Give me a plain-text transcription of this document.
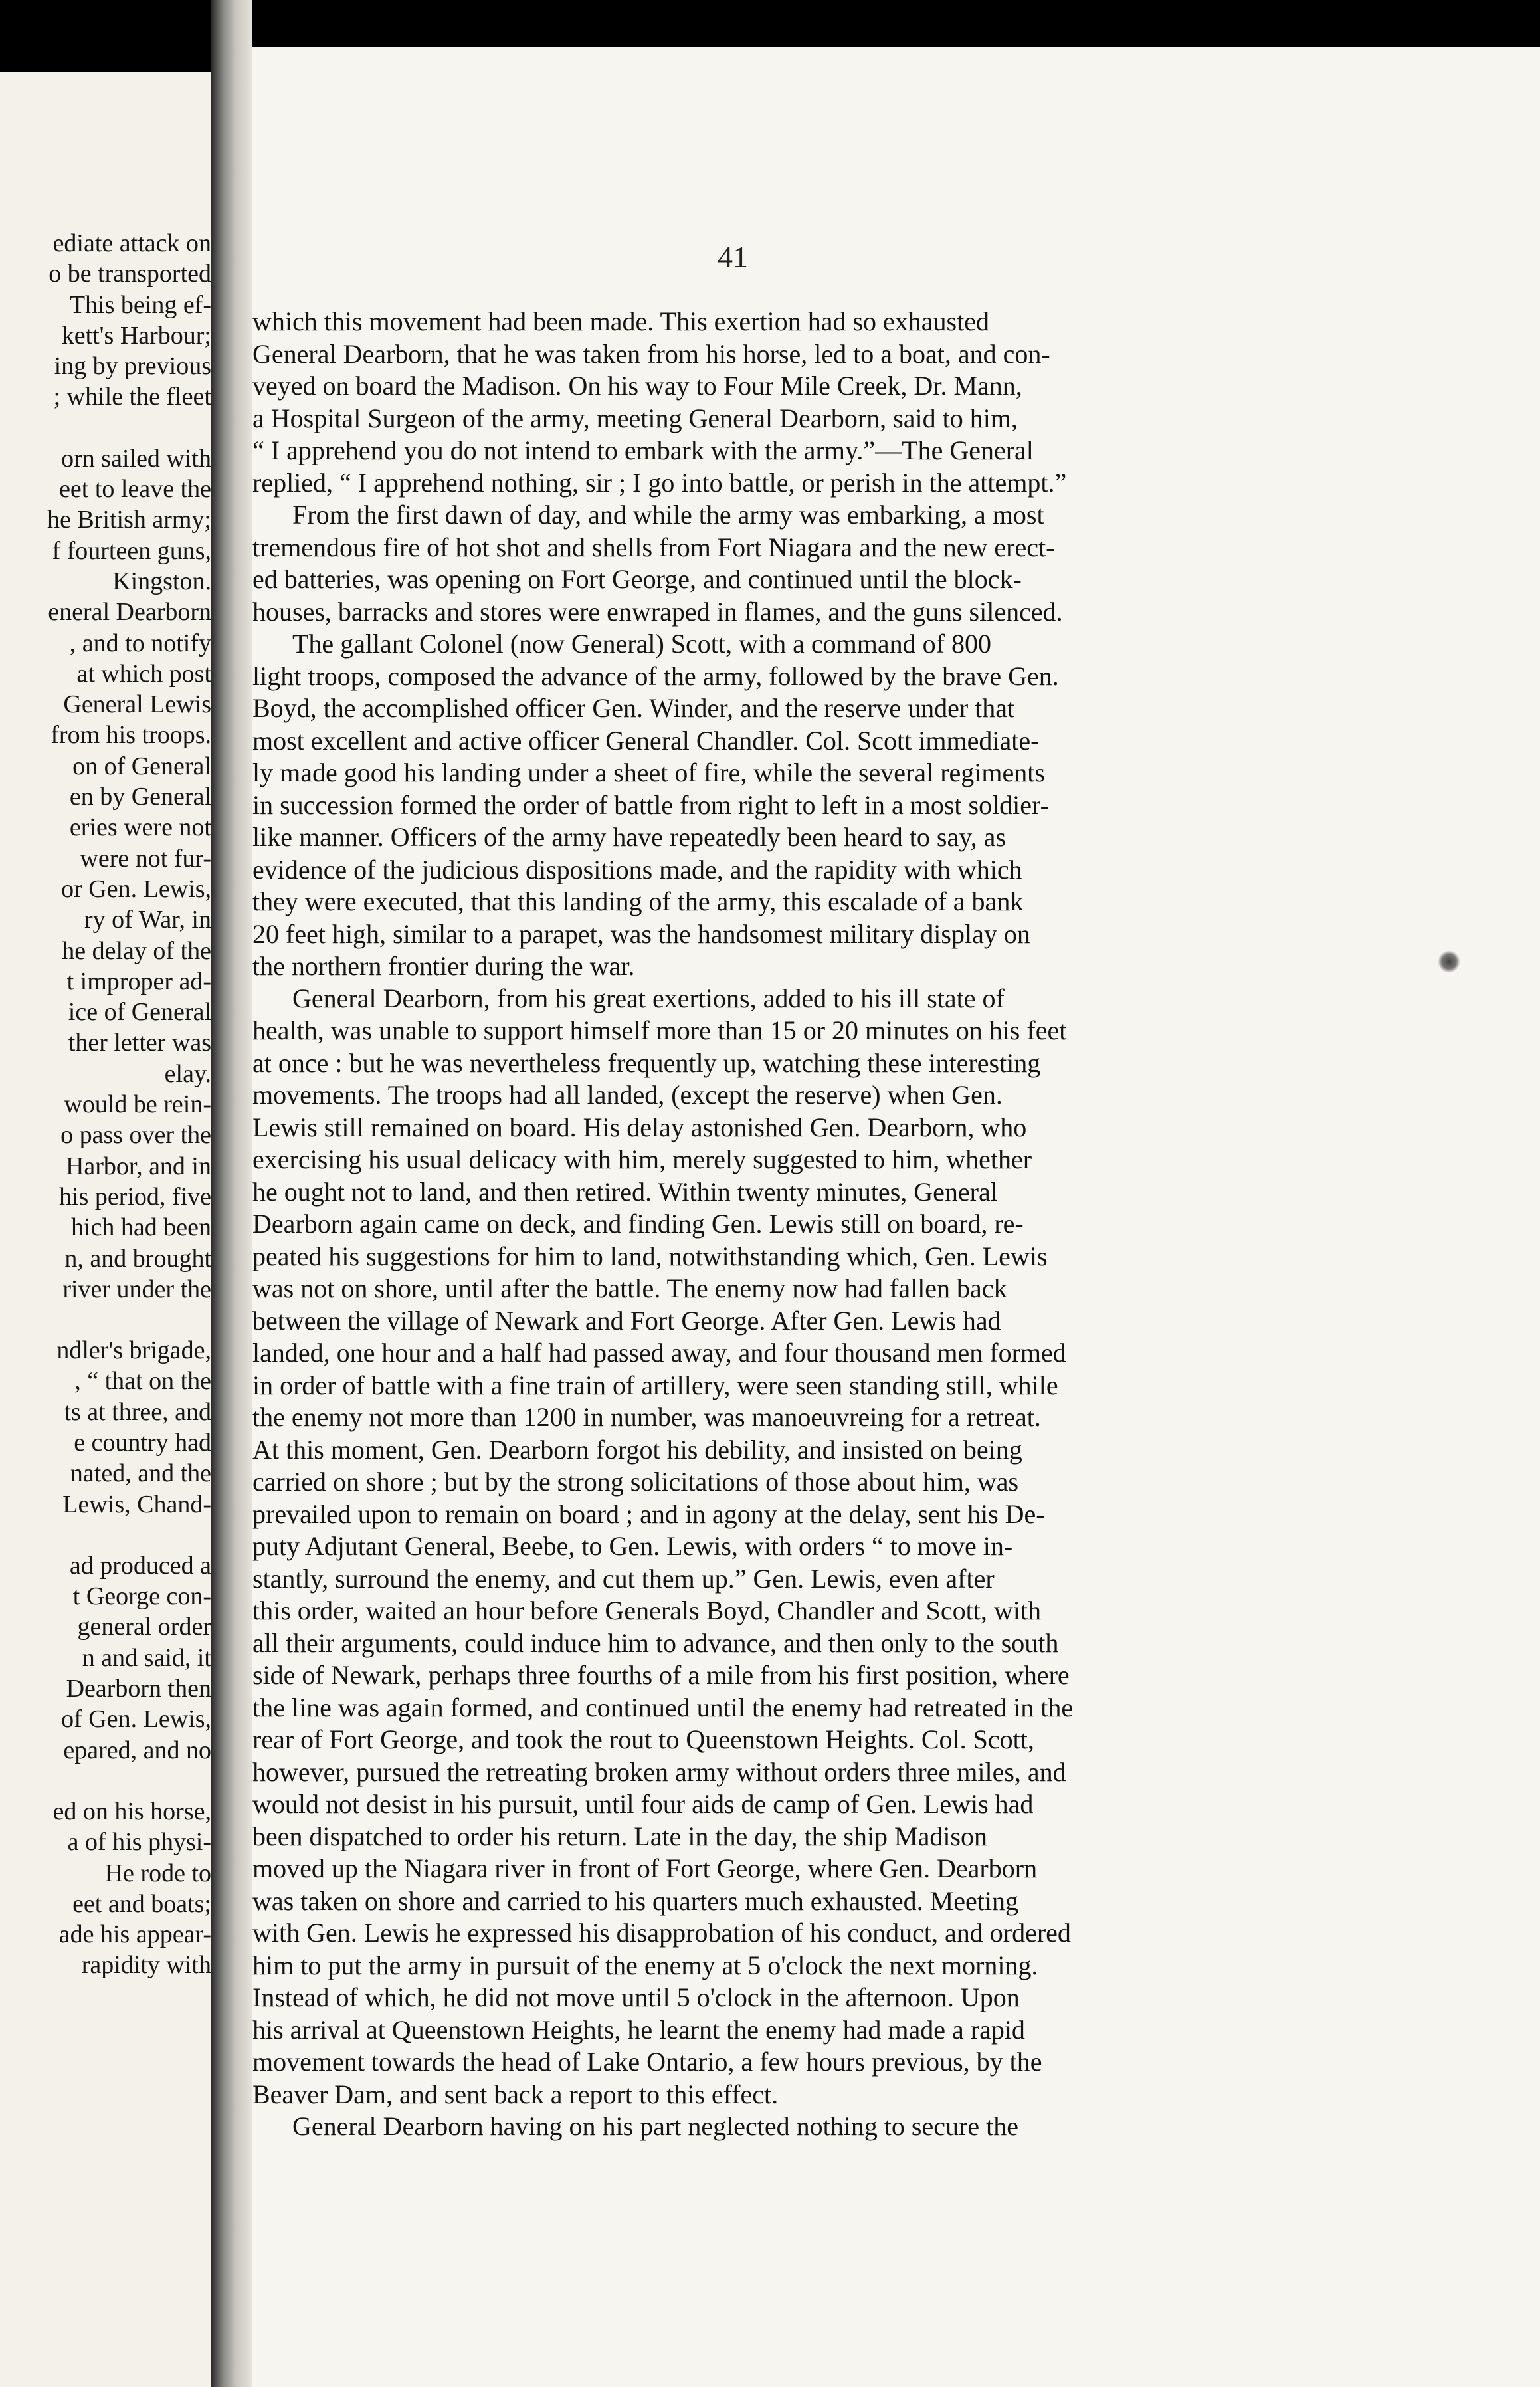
ediate attack on
o be transported
This being ef-
kett's Harbour;
ing by previous
; while the fleet
orn sailed with
eet to leave the
he British army;
f fourteen guns,
Kingston.
eneral Dearborn
, and to notify
at which post
General Lewis
from his troops.
on of General
en by General
eries were not
were not fur-
or Gen. Lewis,
ry of War, in
he delay of the
t improper ad-
ice of General
ther letter was
elay.
would be rein-
o pass over the
Harbor, and in
his period, five
hich had been
n, and brought
river under the
ndler's brigade,
, “ that on the
ts at three, and
e country had
nated, and the
Lewis, Chand-
ad produced a
t George con-
general order
n and said, it
Dearborn then
of Gen. Lewis,
epared, and no
ed on his horse,
a of his physi-
He rode to
eet and boats;
ade his appear-
rapidity with
41
which this movement had been made. This exertion had so exhausted
General Dearborn, that he was taken from his horse, led to a boat, and con-
veyed on board the Madison. On his way to Four Mile Creek, Dr. Mann,
a Hospital Surgeon of the army, meeting General Dearborn, said to him,
“ I apprehend you do not intend to embark with the army.”—The General
replied, “ I apprehend nothing, sir ; I go into battle, or perish in the attempt.”
From the first dawn of day, and while the army was embarking, a most
tremendous fire of hot shot and shells from Fort Niagara and the new erect-
ed batteries, was opening on Fort George, and continued until the block-
houses, barracks and stores were enwraped in flames, and the guns silenced.
The gallant Colonel (now General) Scott, with a command of 800
light troops, composed the advance of the army, followed by the brave Gen.
Boyd, the accomplished officer Gen. Winder, and the reserve under that
most excellent and active officer General Chandler. Col. Scott immediate-
ly made good his landing under a sheet of fire, while the several regiments
in succession formed the order of battle from right to left in a most soldier-
like manner. Officers of the army have repeatedly been heard to say, as
evidence of the judicious dispositions made, and the rapidity with which
they were executed, that this landing of the army, this escalade of a bank
20 feet high, similar to a parapet, was the handsomest military display on
the northern frontier during the war.
General Dearborn, from his great exertions, added to his ill state of
health, was unable to support himself more than 15 or 20 minutes on his feet
at once : but he was nevertheless frequently up, watching these interesting
movements. The troops had all landed, (except the reserve) when Gen.
Lewis still remained on board. His delay astonished Gen. Dearborn, who
exercising his usual delicacy with him, merely suggested to him, whether
he ought not to land, and then retired. Within twenty minutes, General
Dearborn again came on deck, and finding Gen. Lewis still on board, re-
peated his suggestions for him to land, notwithstanding which, Gen. Lewis
was not on shore, until after the battle. The enemy now had fallen back
between the village of Newark and Fort George. After Gen. Lewis had
landed, one hour and a half had passed away, and four thousand men formed
in order of battle with a fine train of artillery, were seen standing still, while
the enemy not more than 1200 in number, was manoeuvreing for a retreat.
At this moment, Gen. Dearborn forgot his debility, and insisted on being
carried on shore ; but by the strong solicitations of those about him, was
prevailed upon to remain on board ; and in agony at the delay, sent his De-
puty Adjutant General, Beebe, to Gen. Lewis, with orders “ to move in-
stantly, surround the enemy, and cut them up.” Gen. Lewis, even after
this order, waited an hour before Generals Boyd, Chandler and Scott, with
all their arguments, could induce him to advance, and then only to the south
side of Newark, perhaps three fourths of a mile from his first position, where
the line was again formed, and continued until the enemy had retreated in the
rear of Fort George, and took the rout to Queenstown Heights. Col. Scott,
however, pursued the retreating broken army without orders three miles, and
would not desist in his pursuit, until four aids de camp of Gen. Lewis had
been dispatched to order his return. Late in the day, the ship Madison
moved up the Niagara river in front of Fort George, where Gen. Dearborn
was taken on shore and carried to his quarters much exhausted. Meeting
with Gen. Lewis he expressed his disapprobation of his conduct, and ordered
him to put the army in pursuit of the enemy at 5 o'clock the next morning.
Instead of which, he did not move until 5 o'clock in the afternoon. Upon
his arrival at Queenstown Heights, he learnt the enemy had made a rapid
movement towards the head of Lake Ontario, a few hours previous, by the
Beaver Dam, and sent back a report to this effect.
General Dearborn having on his part neglected nothing to secure the
